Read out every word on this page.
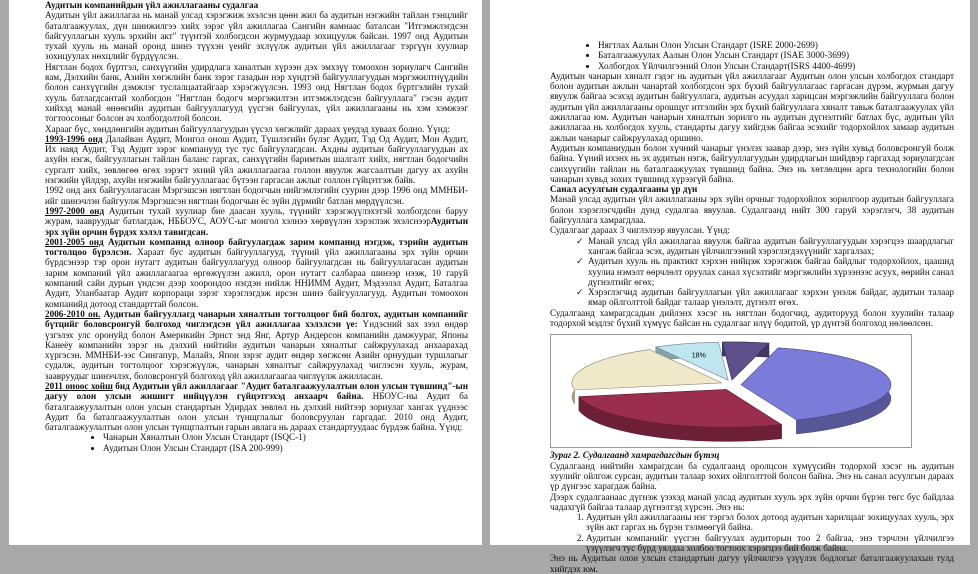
Аудитын компанийдын үйл ажиллагааны судалгаа

Аудитын үйл ажиллагаа нь манай улсад хэрэгжиж эхэлсэн цөөн жил ба аудитын нэгжийн тайлан тэнцлийг баталгаажуулах, дүн шинжилгээ хийх зэрэг үйл ажиллагаа Сангийн яамнаас баталсан "Итгэмжлэгдсэн байгууллагын хууль эрхийн акт" түүнтэй холбогдсон журмуудаар зохицуулж байсан. 1997 онд Аудитын тухай хууль нь манай оронд шинэ түүхэн үеийг эхлүүлж аудитын үйл ажиллагааг тэргүүн хуулиар зохицуулах нөхцлийг бүрдүүлсэн.

Нягтлан бодох бүртгэл, санхүүгийн удирдлага ханалтын хүрээн дэх эмхзүү томоохон зориулагч Сангийн яам, Дэлхийн банк, Азийн хөгжлийн банк зэрэг газадын нэр хүндтэй байгууллагуудын мэргэжилтнүүдийн болон санхүүгийн дэмжлэг туслалцаатайгаар хэрэгжүүлсэн. 1993 онд Нягтлан бодох бүртгэлийн тухай хууль батлагдсантай холбогдон "Нягтлан бодогч мэргэжилтэн итгэмжлэгдсэн байгууллага" гэсэн аудит хийхэд манай өнөөгийн аудитын байгууллагууд үүсгэн байгуулах, үйл ажиллагааны нь хэм хэмжээг тогтоосоныг болсон ач холбогдолтой болсон.

Харааг бүс, хөндлөнгийн аудитын байгууллагуудын үүсэл хөгжлийг дараах үеудэд хуваах болно. Үүнд:

1993-1996 онд Далайван Аудит, Монгол онош Аудит, Түшлэгийн бүлэг Аудит, Тэд Од Аудит, Мон Аудит, Их наяд Аудит, Тэд Аудит зэрэг компанууд тус тус байгуулагдсан. Ахдны аудитын байгууллагуудын ах ахуйн нэгж, байгууллагын тайлан баланс гаргах, санхүүгийн баримтын шалгалт хийх, нягтлан бодогчийн сургалт хийх, зөвлөгөө өгөх зэрэгт эхний үйл ажиллагаагаа голлон явуулж жагсаалтын дагуу ах ахуйн нэгжийн үйлдэр, ахуйн нэгжийн байгууллагаас бүтээн гаргасан ажлыг голлон гүйцэтгэж байв.

1992 онд анх байгууллагасан Мэргэшсэн нягтлан бодогчын нийгэмлэгийн суурин дээр 1996 онд ММНБИ-ийг шинэчлэн байгуулж Мэргэшсэн нягтлан бодогчын ёс зүйн дүрмийг батлан мөрдүүлсэн.

1997-2000 онд Аудитын тухай хуулиар бие даасан хууль, түүнийг хэрэгжүүлэхэтэй холбогдсон баруу журам, заавруудыг батлагдаж, НББОУС, АОУС-ыг монгол хэлнээ хөрвүүлэн хэрэглэж эхэлснээрАудитын эрх зүйн орчин бүрдэх хэлэл тавигдсан.

2001-2005 онд Аудитын компанид олноор байгуулагдаж зарим компанид нэгдэж, тэрийн аудитын тогтолцоо бүрэлсэн. Хараат бус аудитын байгууллагууд, түүний үйл ажиллагааны эрх зүйн орчин бүрдсэнээр тэр орон нутагт аудитын байгууллагууд олноор байгуулагдсан нь байгууллагасан аудитын зарим компаний үйл ажиллагаагаа өргөжүүлэн ажилл, орон нутагт салбараа шинээр нээж, 10 гаруй компаний сайн дурын үндсэн дээр хоорондоо нэгдэн нийлж ННИММ Аудит, Мэдээлэл Аудит, Баталгаа Аудит, Уланбаатар Аудит корпораци зэрэг хэрэглэгдэж ирсэн шинэ байгууллагууд. Аудитын томоохон компанийд дотоод стандарттай болсон.

2006-2010 он. Аудитын байгууллагд чанарын хяналтын тогтолцоог бий болгох, аудитын компанийг бүтцийг боловсронгуй болгоход чиглэгдсэн үйл ажиллагаа хэлэлсэн үе: Үндэсний зах зээл өндөр үзгэлэх улс оронуйд болон Америкийн Эрнст энд Янг, Артур Андерсон компанийн дамжуураг, Японы Канеёу компанийн зэрэг нь дэлхий нийтийн аудитын чанарын хяналтыг сайжруулахад анхаарахад хүргэсэн. ММНБИ-ээс Сингапур, Малайз, Япон зэрэг аудит өндөр хөгжсөн Азийн орнуудын туршлагыг судалж, аудитын тогтолцоог хэрэгжүүлж, чанарын хяналтыг сайжруулахад чиглэсэн хууль, журам, заавруудыг шинэчлэх, боловсронгуй болгоход үйл ажиллагаагаа чиглүүлж ажилласан.

2011 оноос хойш бид Аудитын үйл ажиллагааг "Аудит баталгаажуулалтын олон улсын түвшинд"-ын дагуу олон улсын жишигт нийцүүлэн гүйцэтгэхэд анхаарч байна. НБОУС-ны Аудит ба баталгаажуулалтын олон улсын стандартын Удирдах зөвлөл нь дэлхий нийтээр зориулаг хангах үүднээс Аудит ба баталгаажуулалтын олон улсын түнщглалыг боловсруулан гаргадаг. 2010 онд Аудит, баталгаажуулалтын олон улсын түнщглалтын гарын авлага нь дараах стандартуудаас бүрдэж байна. Үүнд:

• Чанарын Хяналтын Олон Улсын Стандарт (ISQC-1)
• Аудитын Олон Улсын Стандарт (ISA 200-999)
• Нягтлах Аалын Олон Улсын Стандарт (ISRE 2000-2699)
• Баталгаажуулах Аалын Олон Улсын Стандарт (ISAE 3000-3699)
• Холбогдох Үйлчилгээний Олон Улсын Стандарт(ISRS 4400-4699)

Аудитын чанарын хяналт гэдэг нь аудитын үйл ажиллагааг Аудитын олон улсын холбогдох стандарт болон аудитын ажлын чанартай холбогдсон эрх бүхий байгууллагаас гаргасан дүрэм, журмын дагуу явуулж байгаа эсэхэд аудитын байгууллага, аудитын асуудал харицсан мэргэжлийн байгууллага болон аудитын үйл ажиллагааны орошцуг итгэлийн эрх бүхий байгууллага хяналт тавьж баталгаажуулах үйл ажиллагаа юм. Аудитын чанарын хяналтын зорилго нь аудитын дүгнэлтийг батлах бүс, аудитын үйл ажиллагаа нь холбогдох хууль, стандарты дагуу хийгдэж байгаа эсэхийг тодорхойлох замаар аудитын ажлын чанарыг сайжруулахад оршино.

Аудитын компаниудын болон хүчний чанарыг үнэлэх заавар дээр, энэ зүйн хувьд боловсронгуй болж байна. Үүний ихэнх нь эх аудитын нэгж, байгууллагуудын удирдлагын шийдвэр гаргахад зориулагдсан санхүүгийн тайлан нь баталгаажуулах түвшинд байна. Энэ нь хөтлөлцөн арга технологийн болон чанарын хувьд зохих түвшинд хүрээгүй байна.

Санал асуулгын судалгааны үр дүн

Манай улсад аудитын үйл ажиллагааны эрх зүйн орчныг тодорхойлох зорилгоор аудитын байгууллага болон хэрэглэгчдийн дунд судалгаа явуулав. Судалгаанд нийт 300 гаруй хэрэглэгч, 38 аудитын байгууллага хамрагдлаа.

Судалгааг дараах 3 чиглэлээр явуулсан. Үүнд:

✓ Манай улсад үйл ажиллагаа явуулж байгаа аудитын байгууллагуудын хэрэгцээ шаардлагыг хангаж байгаа эсэх, аудитын үйлчилгээний хэрэглэгдэхүүнийг харгалзах;
✓ Аудитын хууль нь практикт хэрхэн нийцэж хэрэгжиж байгаа байдлыг тодорхойлох, цаашид хуулиа нэмэлт өөрчлөлт оруулах санал хүсэлтийг мэргэжлийн хүрээнээс асуух, өөрийн санал дүгнэлтийг өгөх;
✓ Хэрэглэгчид аудитын байгууллагын үйл ажиллагааг хэрхэн үнэлж байдаг, аудитын талаар ямар ойлголттой байдаг талаар үнэлэлт, дүгнэлт өгөх.

Судалгаанд хамрагдсадын дийлэнх хэсэг нь нягтлан бодогчид, аудиторууд болон хуулийн талаар тодорхой мэдлэг бүхий хүмүүс байсан нь судалгааг илүү бодитой, үр дүнтэй болгоход нөлөөлсөн.

18%

Зураг 2. Судалгаанд хамрагдагсдын бүтэц

Судалгаанд нийтийн хамрагдсан ба судалгаанд оролцсон хүмүүсийн тодорхой хэсэг нь аудитын хуулийг ойлгож сурсан, аудитын талаар зохих ойлголттой болсон байна. Энэ нь санал асуулгын дараах үр дүнгээс харагдаж байна.

Дээрх судалгаанаас дүгнэж үзэхэд манай улсад аудитын хууль эрх зүйн орчин бүрэн төгс бус байдлаа чадахгүй байгаа талаар дүгнэлтэд хүрсэн. Энэ нь:

1. Аудитын үйл ажиллагааны нэг тэргэл болох дотоод аудитын харилцааг зохицуулах хууль, эрх зүйн акт гаргах нь бүрэн тэлмөөгүй байна.
2. Аудитын компанийг үүсгэн байгуулах аудиторын тоо 2 байгаа, энэ тэрчлэн үйлчилгээ үзүүлэгч тус бүрд уялдаа холбоо тогтоох хэрэгцээ бий болж байна.

Энэ нь Аудитын олон улсын стандартын дагуу үйлчилгээ үзүүлэх бодлогыг баталгаажуулахын тулд хийгдэх юм.
